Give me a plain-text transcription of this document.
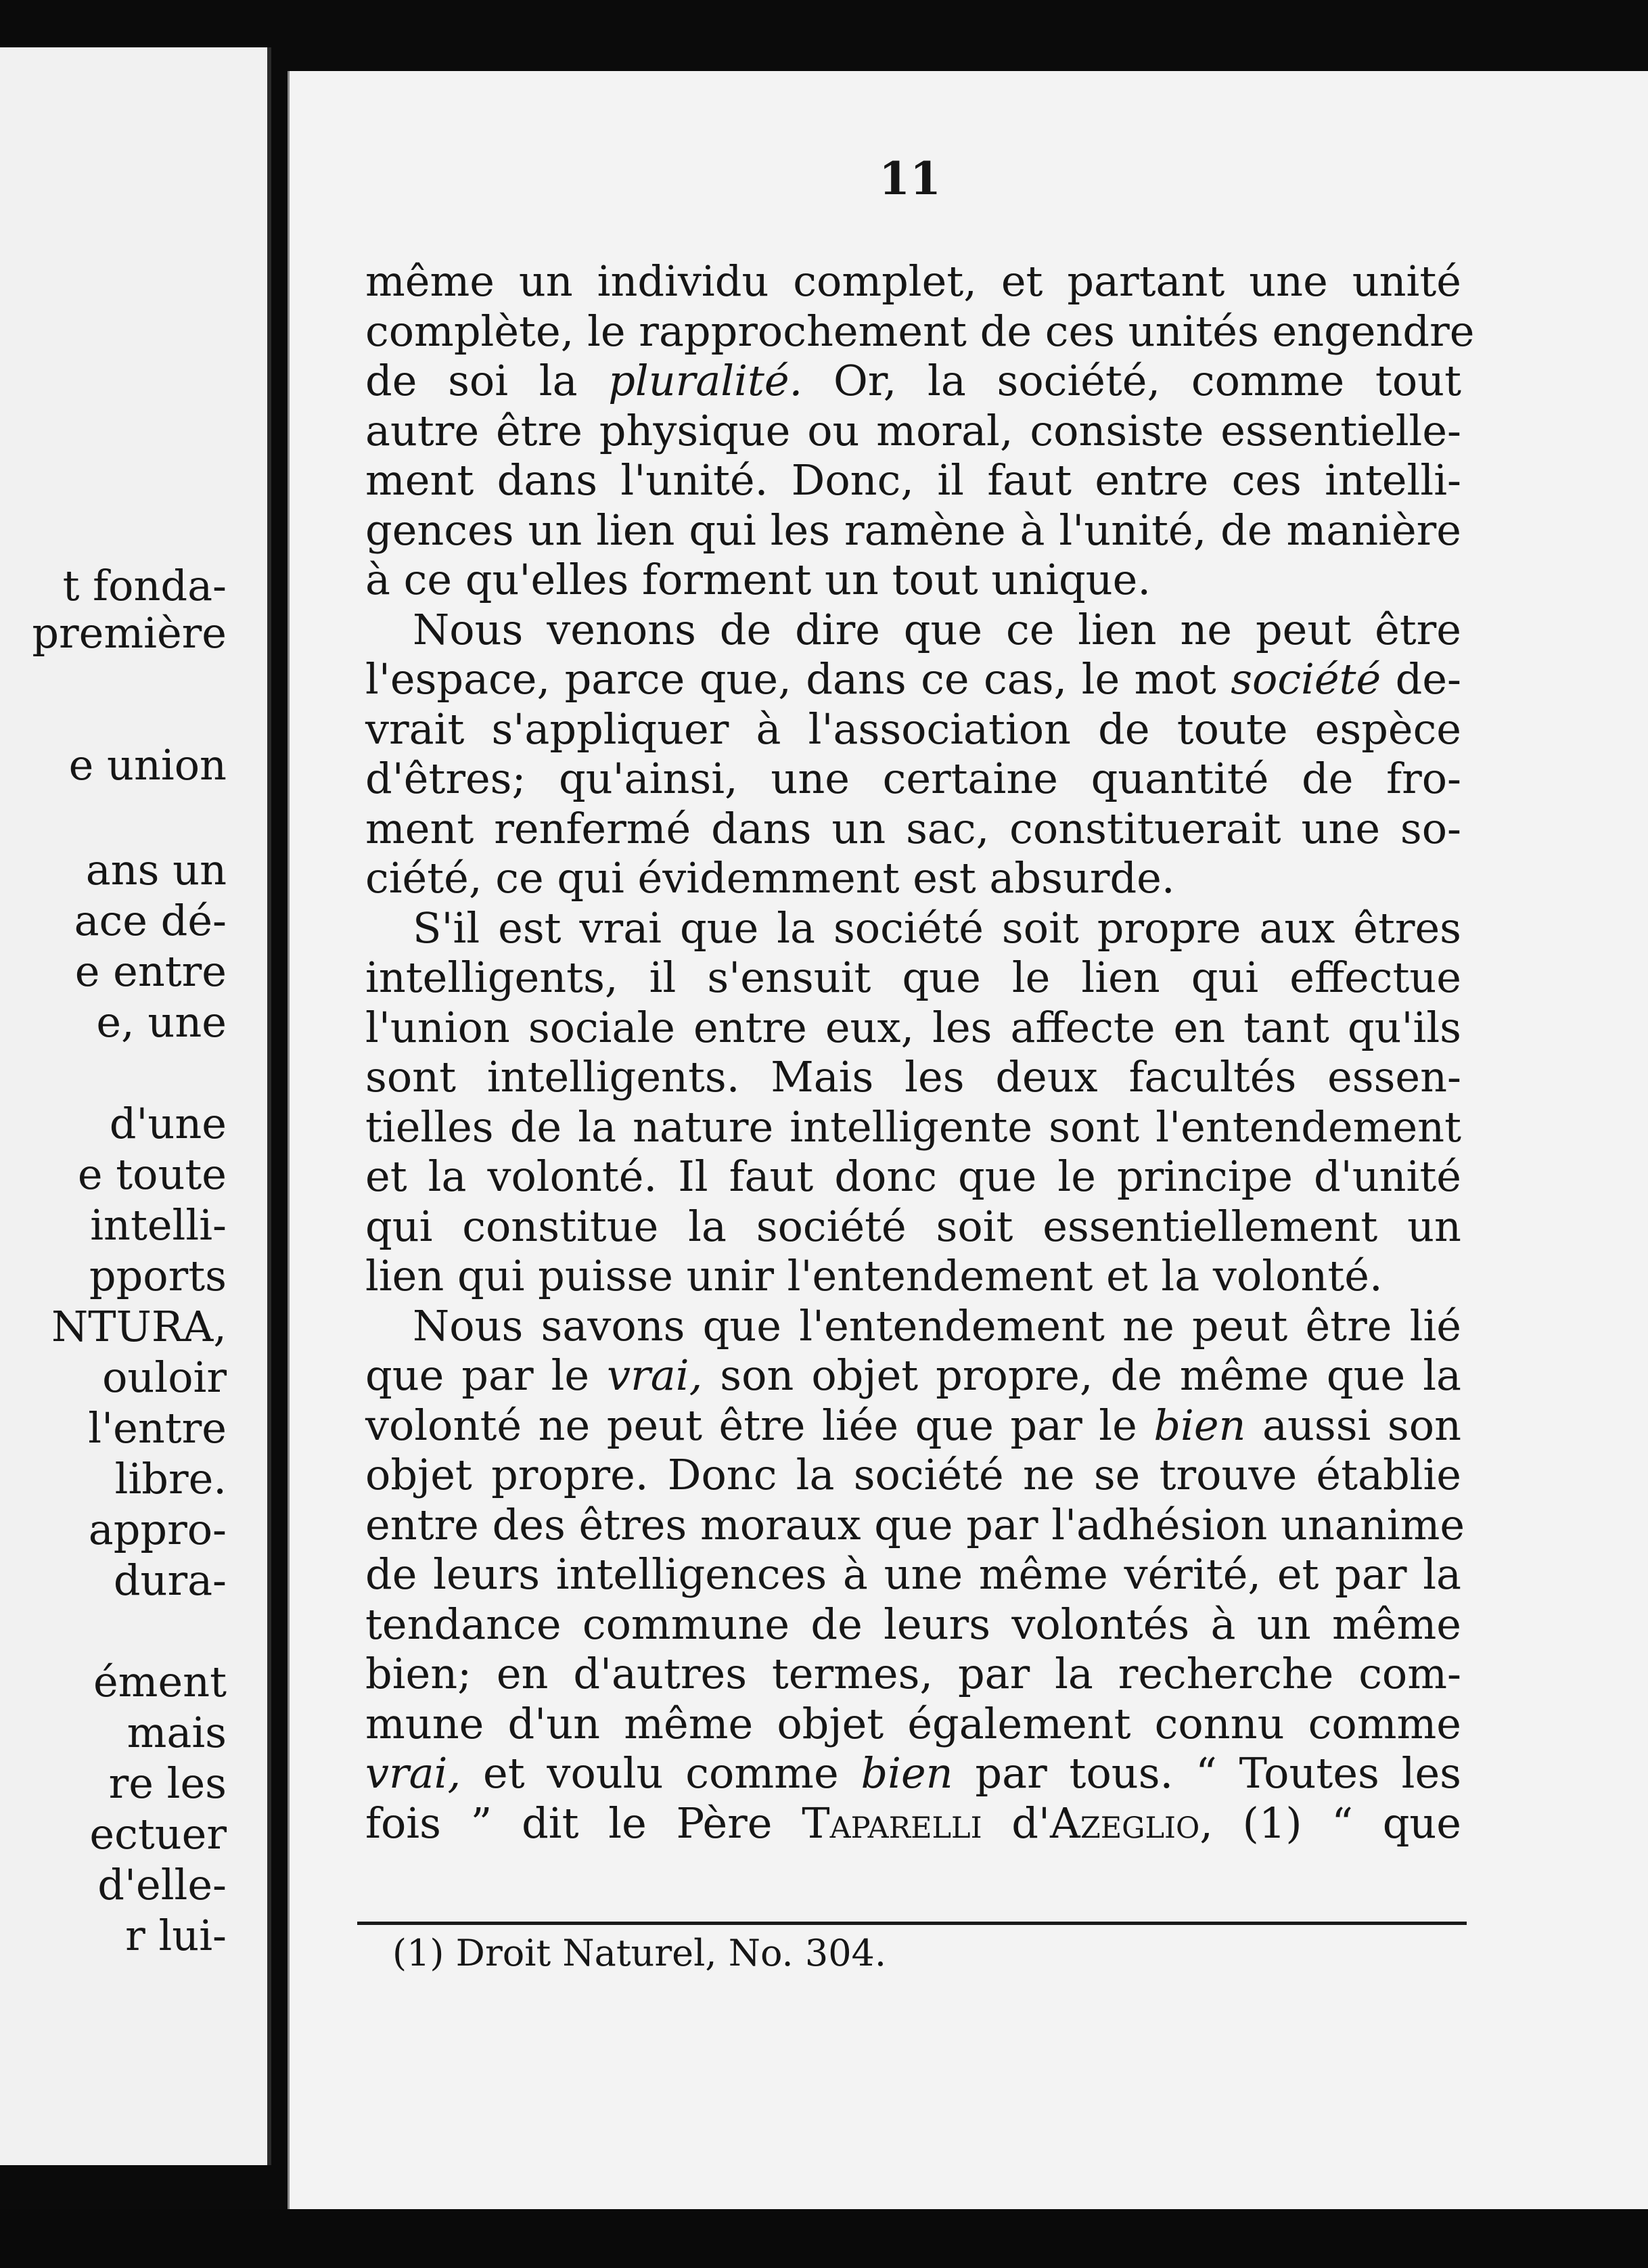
t fonda-
première
e union
ans un
ace dé-
e entre
e, une
d'une
e toute
intelli-
pports
NTURA,
ouloir
l'entre
libre.
appro-
dura-
ément
mais
re les
ectuer
d'elle-
r lui-
11
même un individu complet, et partant une unité
complète, le rapprochement de ces unités engendre
de soi la pluralité. Or, la société, comme tout
autre être physique ou moral, consiste essentielle-
ment dans l'unité. Donc, il faut entre ces intelli-
gences un lien qui les ramène à l'unité, de manière
à ce qu'elles forment un tout unique.
Nous venons de dire que ce lien ne peut être
l'espace, parce que, dans ce cas, le mot société de-
vrait s'appliquer à l'association de toute espèce
d'êtres; qu'ainsi, une certaine quantité de fro-
ment renfermé dans un sac, constituerait une so-
ciété, ce qui évidemment est absurde.
S'il est vrai que la société soit propre aux êtres
intelligents, il s'ensuit que le lien qui effectue
l'union sociale entre eux, les affecte en tant qu'ils
sont intelligents. Mais les deux facultés essen-
tielles de la nature intelligente sont l'entendement
et la volonté. Il faut donc que le principe d'unité
qui constitue la société soit essentiellement un
lien qui puisse unir l'entendement et la volonté.
Nous savons que l'entendement ne peut être lié
que par le vrai, son objet propre, de même que la
volonté ne peut être liée que par le bien aussi son
objet propre. Donc la société ne se trouve établie
entre des êtres moraux que par l'adhésion unanime
de leurs intelligences à une même vérité, et par la
tendance commune de leurs volontés à un même
bien; en d'autres termes, par la recherche com-
mune d'un même objet également connu comme
vrai, et voulu comme bien par tous. “ Toutes les
fois ” dit le Père Taparelli d'Azeglio, (1) “ que
(1) Droit Naturel, No. 304.
